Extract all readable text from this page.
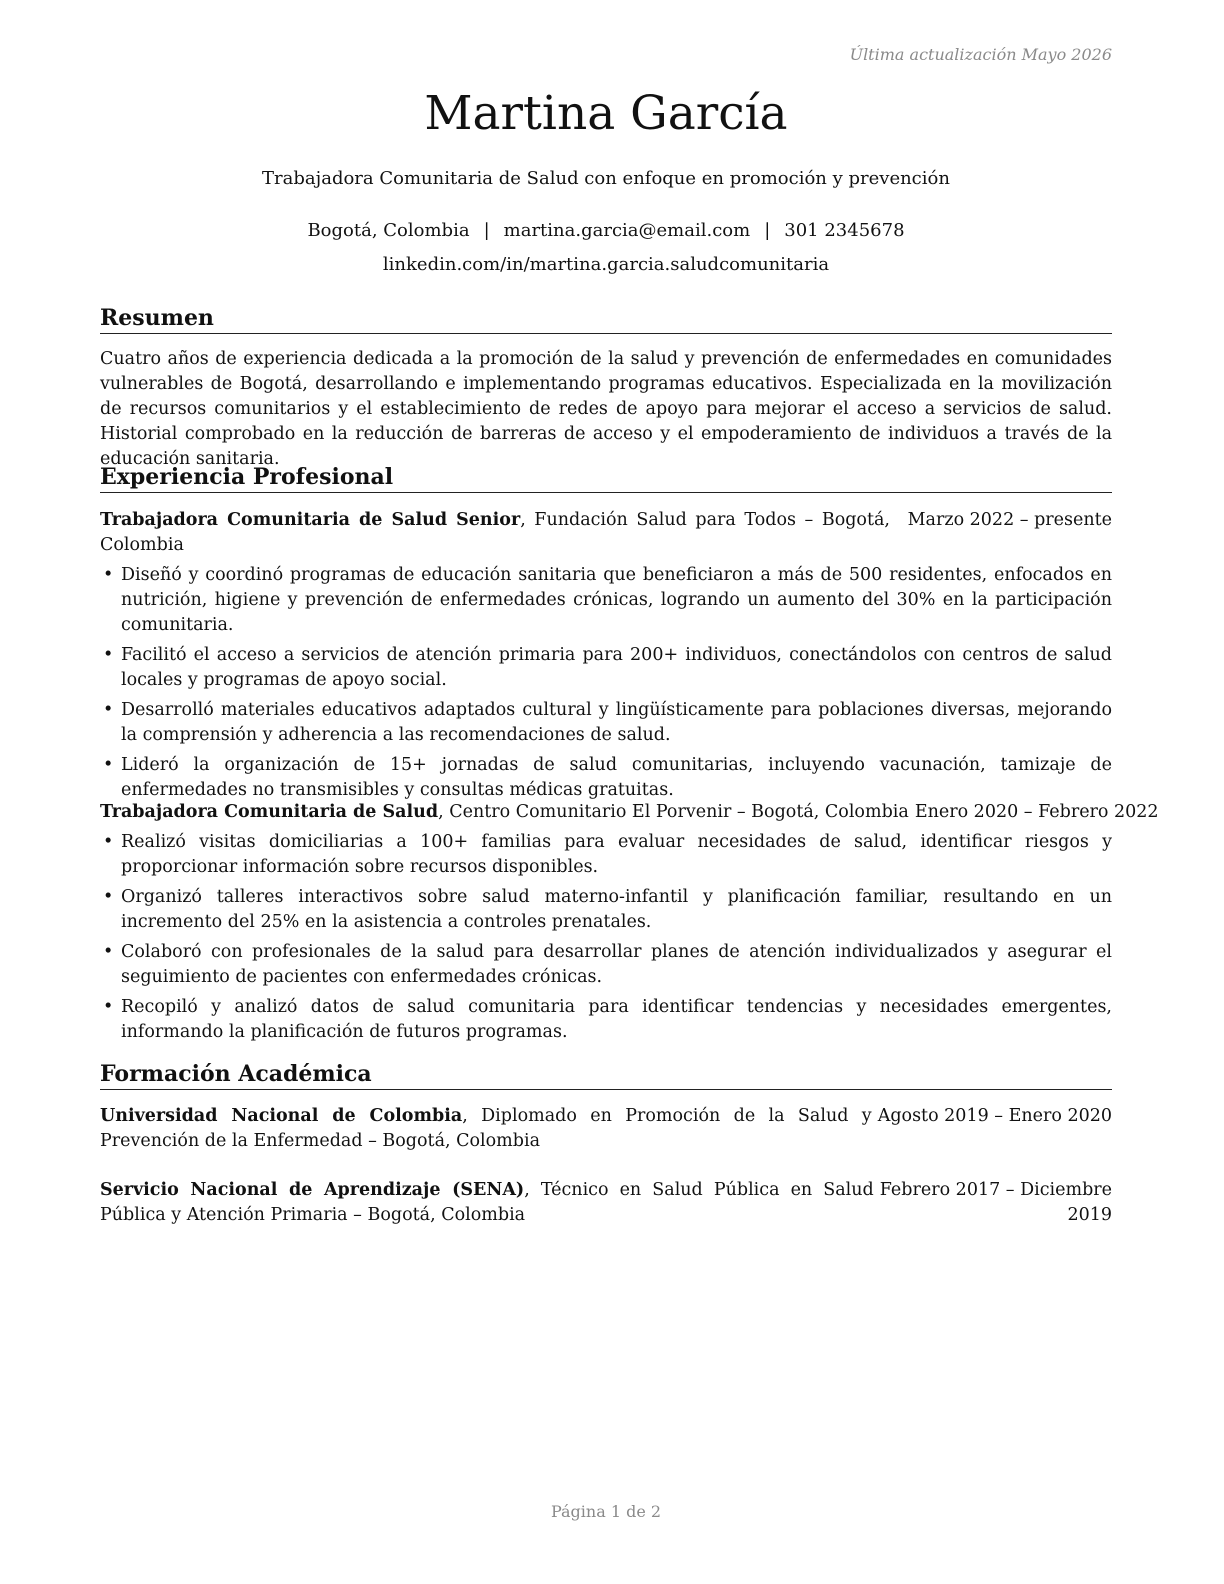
Última actualización Mayo 2026
Martina García
Trabajadora Comunitaria de Salud con enfoque en promoción y prevención
Bogotá, Colombia | martina.garcia@email.com | 301 2345678
linkedin.com/in/martina.garcia.saludcomunitaria
Resumen
Cuatro años de experiencia dedicada a la promoción de la salud y prevención de enfermedades en comunidades vulnerables de Bogotá, desarrollando e implementando programas educativos. Especializada en la movilización de recursos comunitarios y el establecimiento de redes de apoyo para mejorar el acceso a servicios de salud. Historial comprobado en la reducción de barreras de acceso y el empoderamiento de individuos a través de la educación sanitaria.
Experiencia Profesional
Trabajadora Comunitaria de Salud Senior, Fundación Salud para Todos – Bogotá, Colombia
Marzo 2022 – presente
• Diseñó y coordinó programas de educación sanitaria que beneficiaron a más de 500 residentes, enfocados en nutrición, higiene y prevención de enfermedades crónicas, logrando un aumento del 30% en la participación comunitaria.
• Facilitó el acceso a servicios de atención primaria para 200+ individuos, conectándolos con centros de salud locales y programas de apoyo social.
• Desarrolló materiales educativos adaptados cultural y lingüísticamente para poblaciones diversas, mejorando la comprensión y adherencia a las recomendaciones de salud.
• Lideró la organización de 15+ jornadas de salud comunitarias, incluyendo vacunación, tamizaje de enfermedades no transmisibles y consultas médicas gratuitas.
Trabajadora Comunitaria de Salud, Centro Comunitario El Porvenir – Bogotá, Colombia Enero 2020 – Febrero 2022
• Realizó visitas domiciliarias a 100+ familias para evaluar necesidades de salud, identificar riesgos y proporcionar información sobre recursos disponibles.
• Organizó talleres interactivos sobre salud materno-infantil y planificación familiar, resultando en un incremento del 25% en la asistencia a controles prenatales.
• Colaboró con profesionales de la salud para desarrollar planes de atención individualizados y asegurar el seguimiento de pacientes con enfermedades crónicas.
• Recopiló y analizó datos de salud comunitaria para identificar tendencias y necesidades emergentes, informando la planificación de futuros programas.
Formación Académica
Universidad Nacional de Colombia, Diplomado en Promoción de la Salud y Prevención de la Enfermedad – Bogotá, Colombia
Agosto 2019 – Enero 2020
Servicio Nacional de Aprendizaje (SENA), Técnico en Salud Pública en Salud Pública y Atención Primaria – Bogotá, Colombia
Febrero 2017 – Diciembre
2019
Página 1 de 2
